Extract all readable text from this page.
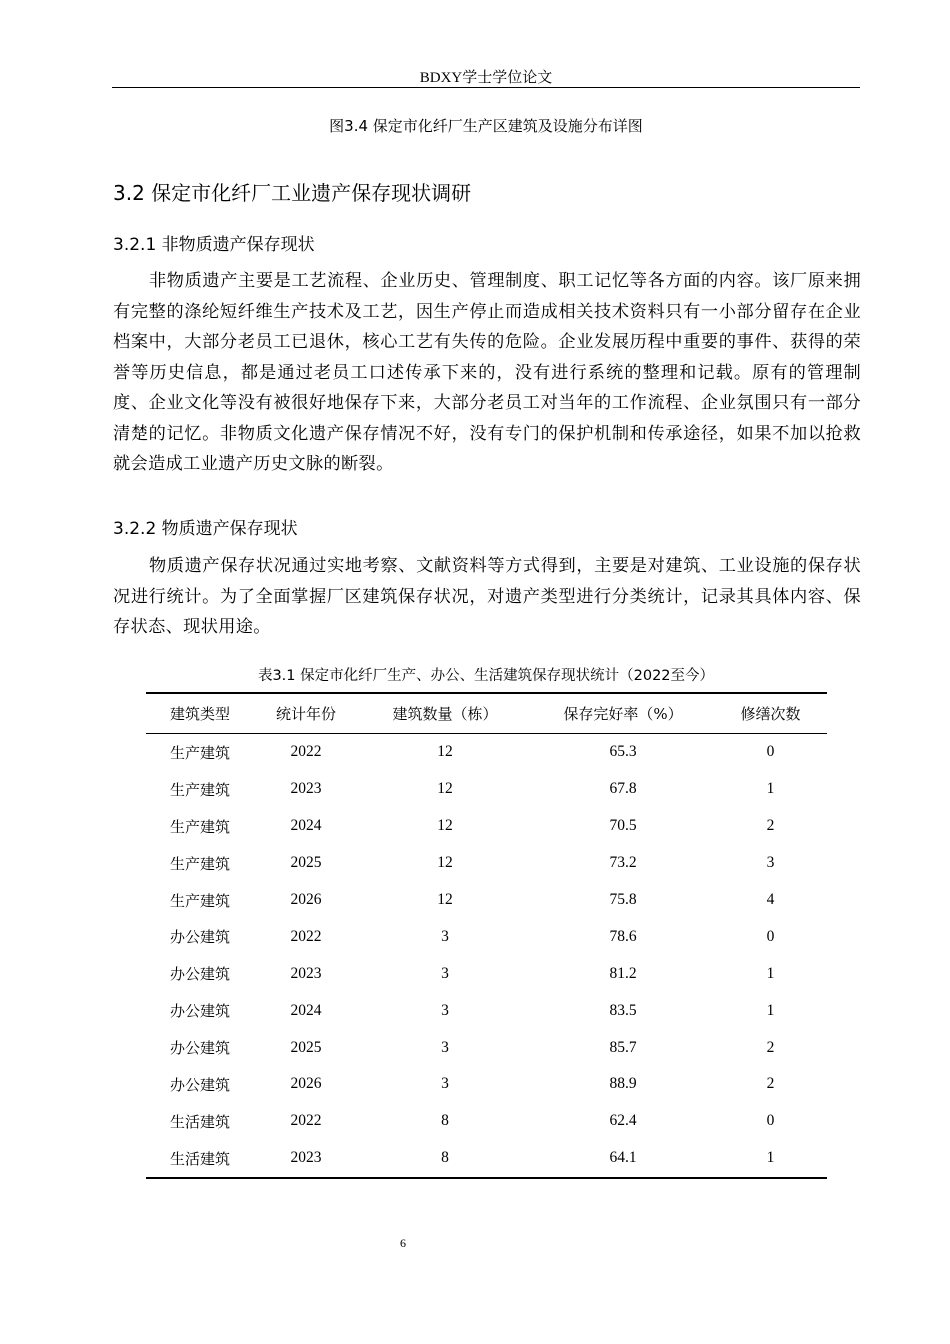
BDXY学士学位论文
图3.4 保定市化纤厂生产区建筑及设施分布详图
3.2 保定市化纤厂工业遗产保存现状调研
3.2.1 非物质遗产保存现状
非物质遗产主要是工艺流程、企业历史、管理制度、职工记忆等各方面的内容。该厂原来拥有完整的涤纶短纤维生产技术及工艺，因生产停止而造成相关技术资料只有一小部分留存在企业档案中，大部分老员工已退休，核心工艺有失传的危险。企业发展历程中重要的事件、获得的荣誉等历史信息，都是通过老员工口述传承下来的，没有进行系统的整理和记载。原有的管理制度、企业文化等没有被很好地保存下来，大部分老员工对当年的工作流程、企业氛围只有一部分清楚的记忆。非物质文化遗产保存情况不好，没有专门的保护机制和传承途径，如果不加以抢救就会造成工业遗产历史文脉的断裂。
3.2.2 物质遗产保存现状
物质遗产保存状况通过实地考察、文献资料等方式得到，主要是对建筑、工业设施的保存状况进行统计。为了全面掌握厂区建筑保存状况，对遗产类型进行分类统计，记录其具体内容、保存状态、现状用途。
表3.1 保定市化纤厂生产、办公、生活建筑保存现状统计（2022至今）
建筑类型	统计年份	建筑数量（栋）	保存完好率（%）	修缮次数
生产建筑	2022	12	65.3	0
生产建筑	2023	12	67.8	1
生产建筑	2024	12	70.5	2
生产建筑	2025	12	73.2	3
生产建筑	2026	12	75.8	4
办公建筑	2022	3	78.6	0
办公建筑	2023	3	81.2	1
办公建筑	2024	3	83.5	1
办公建筑	2025	3	85.7	2
办公建筑	2026	3	88.9	2
生活建筑	2022	8	62.4	0
生活建筑	2023	8	64.1	1
6
